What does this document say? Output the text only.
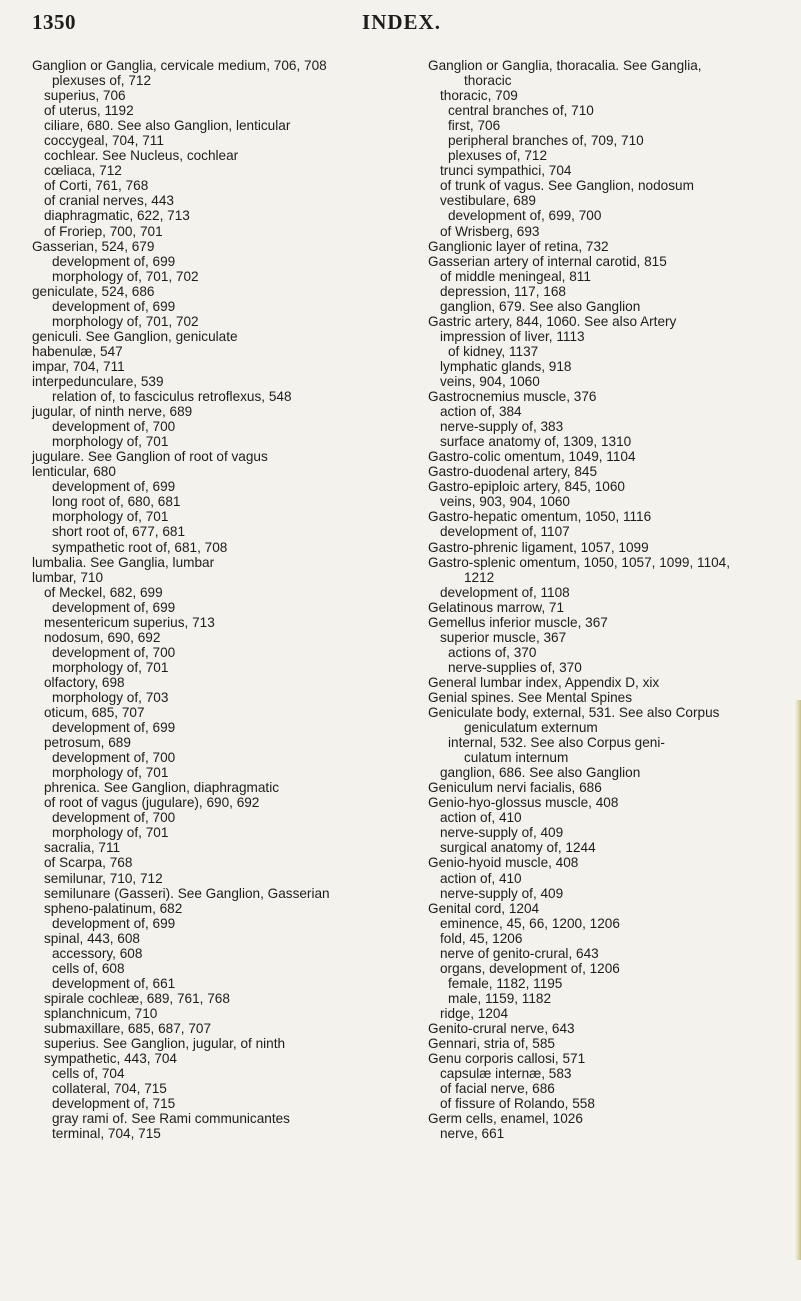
1350	INDEX.
Ganglion or Ganglia, cervicale medium, 706, 708
plexuses of, 712
superius, 706
of uterus, 1192
ciliare, 680. See also Ganglion, lenticular
coccygeal, 704, 711
cochlear. See Nucleus, cochlear
cœliaca, 712
of Corti, 761, 768
of cranial nerves, 443
diaphragmatic, 622, 713
of Froriep, 700, 701
Gasserian, 524, 679
development of, 699
morphology of, 701, 702
geniculate, 524, 686
development of, 699
morphology of, 701, 702
geniculi. See Ganglion, geniculate
habenulæ, 547
impar, 704, 711
interpedunculare, 539
relation of, to fasciculus retroflexus, 548
jugular, of ninth nerve, 689
development of, 700
morphology of, 701
jugulare. See Ganglion of root of vagus
lenticular, 680
development of, 699
long root of, 680, 681
morphology of, 701
short root of, 677, 681
sympathetic root of, 681, 708
lumbalia. See Ganglia, lumbar
lumbar, 710
of Meckel, 682, 699
development of, 699
mesentericum superius, 713
nodosum, 690, 692
development of, 700
morphology of, 701
olfactory, 698
morphology of, 703
oticum, 685, 707
development of, 699
petrosum, 689
development of, 700
morphology of, 701
phrenica. See Ganglion, diaphragmatic
of root of vagus (jugulare), 690, 692
development of, 700
morphology of, 701
sacralia, 711
of Scarpa, 768
semilunar, 710, 712
semilunare (Gasseri). See Ganglion, Gasserian
spheno-palatinum, 682
development of, 699
spinal, 443, 608
accessory, 608
cells of, 608
development of, 661
spirale cochleæ, 689, 761, 768
splanchnicum, 710
submaxillare, 685, 687, 707
superius. See Ganglion, jugular, of ninth
sympathetic, 443, 704
cells of, 704
collateral, 704, 715
development of, 715
gray rami of. See Rami communicantes
terminal, 704, 715
Ganglion or Ganglia, thoracalia. See Ganglia,
thoracic
thoracic, 709
central branches of, 710
first, 706
peripheral branches of, 709, 710
plexuses of, 712
trunci sympathici, 704
of trunk of vagus. See Ganglion, nodosum
vestibulare, 689
development of, 699, 700
of Wrisberg, 693
Ganglionic layer of retina, 732
Gasserian artery of internal carotid, 815
of middle meningeal, 811
depression, 117, 168
ganglion, 679. See also Ganglion
Gastric artery, 844, 1060. See also Artery
impression of liver, 1113
of kidney, 1137
lymphatic glands, 918
veins, 904, 1060
Gastrocnemius muscle, 376
action of, 384
nerve-supply of, 383
surface anatomy of, 1309, 1310
Gastro-colic omentum, 1049, 1104
Gastro-duodenal artery, 845
Gastro-epiploic artery, 845, 1060
veins, 903, 904, 1060
Gastro-hepatic omentum, 1050, 1116
development of, 1107
Gastro-phrenic ligament, 1057, 1099
Gastro-splenic omentum, 1050, 1057, 1099, 1104,
1212
development of, 1108
Gelatinous marrow, 71
Gemellus inferior muscle, 367
superior muscle, 367
actions of, 370
nerve-supplies of, 370
General lumbar index, Appendix D, xix
Genial spines. See Mental Spines
Geniculate body, external, 531. See also Corpus
geniculatum externum
internal, 532. See also Corpus geni-
culatum internum
ganglion, 686. See also Ganglion
Geniculum nervi facialis, 686
Genio-hyo-glossus muscle, 408
action of, 410
nerve-supply of, 409
surgical anatomy of, 1244
Genio-hyoid muscle, 408
action of, 410
nerve-supply of, 409
Genital cord, 1204
eminence, 45, 66, 1200, 1206
fold, 45, 1206
nerve of genito-crural, 643
organs, development of, 1206
female, 1182, 1195
male, 1159, 1182
ridge, 1204
Genito-crural nerve, 643
Gennari, stria of, 585
Genu corporis callosi, 571
capsulæ internæ, 583
of facial nerve, 686
of fissure of Rolando, 558
Germ cells, enamel, 1026
nerve, 661
